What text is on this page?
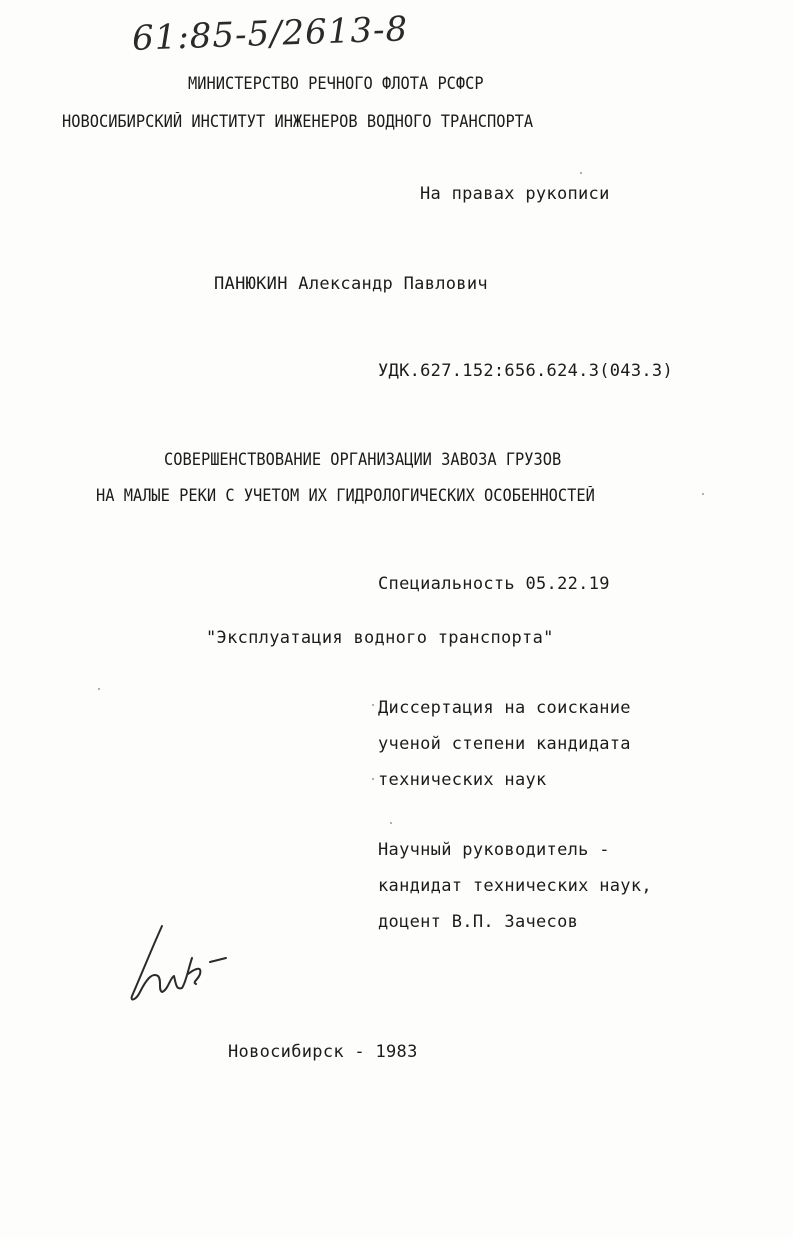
61:85-5/2613-8
МИНИСТЕРСТВО РЕЧНОГО ФЛОТА РСФСР
НОВОСИБИРСКИЙ ИНСТИТУТ ИНЖЕНЕРОВ ВОДНОГО ТРАНСПОРТА
На правах рукописи
ПАНЮКИН Александр Павлович
УДК.627.152:656.624.3(043.3)
СОВЕРШЕНСТВОВАНИЕ ОРГАНИЗАЦИИ ЗАВОЗА ГРУЗОВ
НА МАЛЫЕ РЕКИ С УЧЕТОМ ИХ ГИДРОЛОГИЧЕСКИХ ОСОБЕННОСТЕЙ
Специальность 05.22.19
"Эксплуатация водного транспорта"
Диссертация на соискание
ученой степени кандидата
технических наук
Научный руководитель -
кандидат технических наук,
доцент В.П. Зачесов
Новосибирск - 1983
